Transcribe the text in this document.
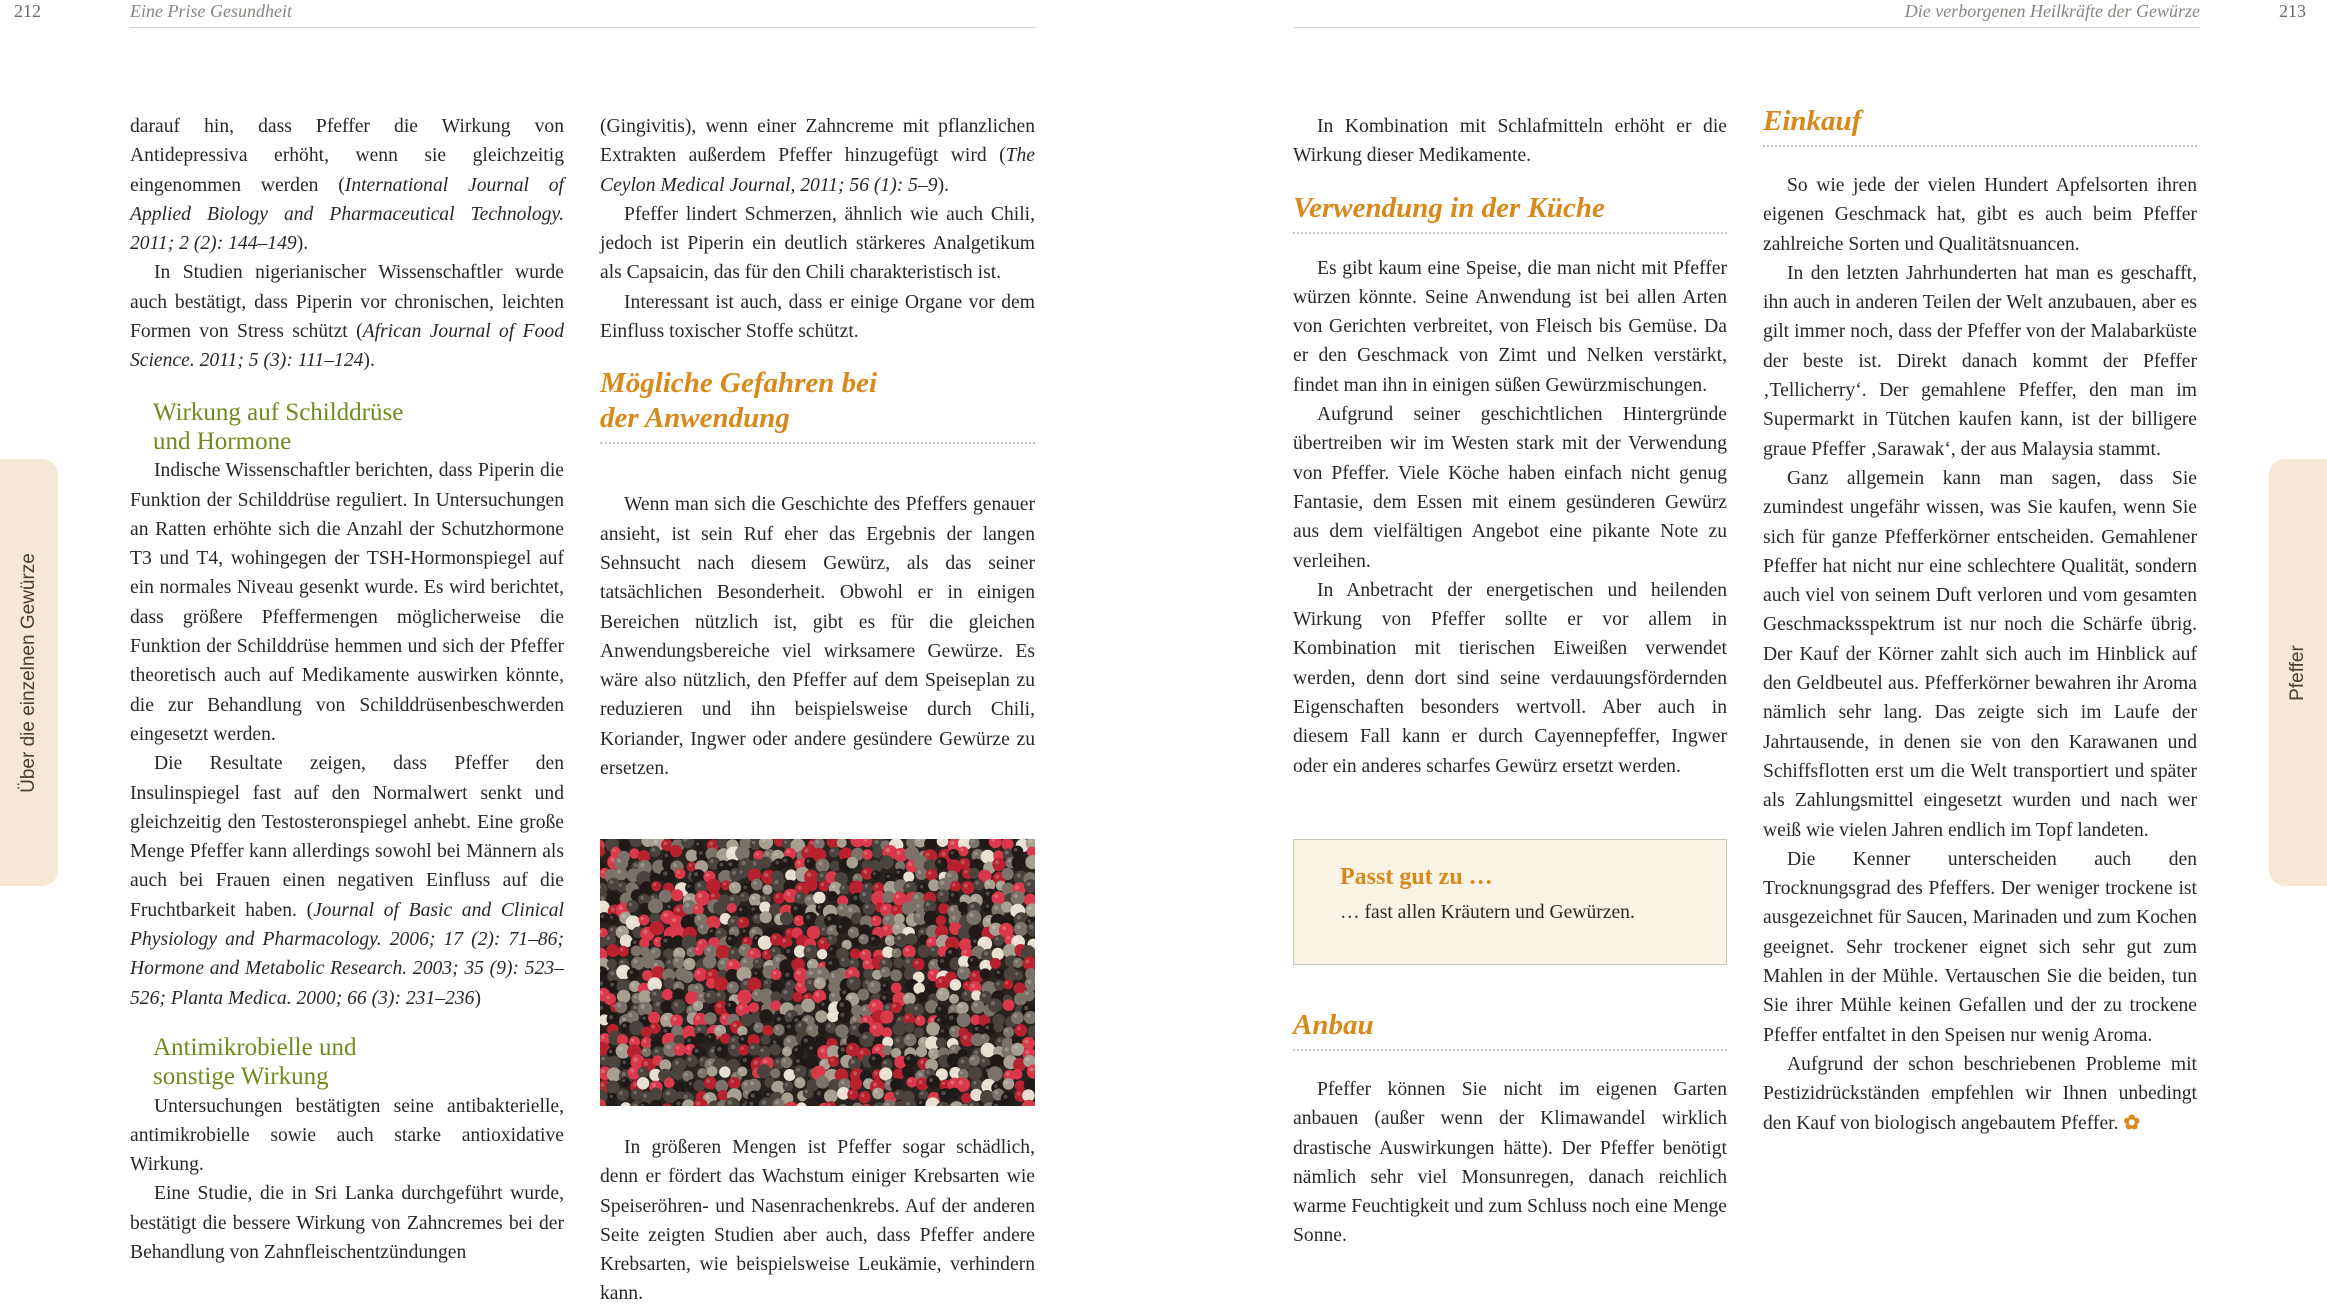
212	Eine Prise Gesundheit
Über die einzelnen Gewürze

darauf hin, dass Pfeffer die Wirkung von Antidepressiva erhöht, wenn sie gleichzeitig eingenommen werden (International Journal of Applied Biology and Pharmaceutical Technology. 2011; 2 (2): 144–149).

In Studien nigerianischer Wissenschaftler wurde auch bestätigt, dass Piperin vor chronischen, leichten Formen von Stress schützt (African Journal of Food Science. 2011; 5 (3): 111–124).

Wirkung auf Schilddrüse
und Hormone

Indische Wissenschaftler berichten, dass Piperin die Funktion der Schilddrüse reguliert. In Untersuchungen an Ratten erhöhte sich die Anzahl der Schutzhormone T3 und T4, wohingegen der TSH-Hormonspiegel auf ein normales Niveau gesenkt wurde. Es wird berichtet, dass größere Pfeffermengen möglicherweise die Funktion der Schilddrüse hemmen und sich der Pfeffer theoretisch auch auf Medikamente auswirken könnte, die zur Behandlung von Schilddrüsenbeschwerden eingesetzt werden.

Die Resultate zeigen, dass Pfeffer den Insulinspiegel fast auf den Normalwert senkt und gleichzeitig den Testosteronspiegel anhebt. Eine große Menge Pfeffer kann allerdings sowohl bei Männern als auch bei Frauen einen negativen Einfluss auf die Fruchtbarkeit haben. (Journal of Basic and Clinical Physiology and Pharmacology. 2006; 17 (2): 71–86; Hormone and Metabolic Research. 2003; 35 (9): 523–526; Planta Medica. 2000; 66 (3): 231–236)

Antimikrobielle und
sonstige Wirkung

Untersuchungen bestätigten seine antibakterielle, antimikrobielle sowie auch starke antioxidative Wirkung.

Eine Studie, die in Sri Lanka durchgeführt wurde, bestätigt die bessere Wirkung von Zahncremes bei der Behandlung von Zahnfleischentzündungen

(Gingivitis), wenn einer Zahncreme mit pflanzlichen Extrakten außerdem Pfeffer hinzugefügt wird (The Ceylon Medical Journal, 2011; 56 (1): 5–9).

Pfeffer lindert Schmerzen, ähnlich wie auch Chili, jedoch ist Piperin ein deutlich stärkeres Analgetikum als Capsaicin, das für den Chili charakteristisch ist.

Interessant ist auch, dass er einige Organe vor dem Einfluss toxischer Stoffe schützt.

Mögliche Gefahren bei
der Anwendung

Wenn man sich die Geschichte des Pfeffers genauer ansieht, ist sein Ruf eher das Ergebnis der langen Sehnsucht nach diesem Gewürz, als das seiner tatsächlichen Besonderheit. Obwohl er in einigen Bereichen nützlich ist, gibt es für die gleichen Anwendungsbereiche viel wirksamere Gewürze. Es wäre also nützlich, den Pfeffer auf dem Speiseplan zu reduzieren und ihn beispielsweise durch Chili, Koriander, Ingwer oder andere gesündere Gewürze zu ersetzen.

In größeren Mengen ist Pfeffer sogar schädlich, denn er fördert das Wachstum einiger Krebsarten wie Speiseröhren- und Nasenrachenkrebs. Auf der anderen Seite zeigten Studien aber auch, dass Pfeffer andere Krebsarten, wie beispielsweise Leukämie, verhindern kann.

Die verborgenen Heilkräfte der Gewürze	213
Pfeffer

In Kombination mit Schlafmitteln erhöht er die Wirkung dieser Medikamente.

Verwendung in der Küche

Es gibt kaum eine Speise, die man nicht mit Pfeffer würzen könnte. Seine Anwendung ist bei allen Arten von Gerichten verbreitet, von Fleisch bis Gemüse. Da er den Geschmack von Zimt und Nelken verstärkt, findet man ihn in einigen süßen Gewürzmischungen.

Aufgrund seiner geschichtlichen Hintergründe übertreiben wir im Westen stark mit der Verwendung von Pfeffer. Viele Köche haben einfach nicht genug Fantasie, dem Essen mit einem gesünderen Gewürz aus dem vielfältigen Angebot eine pikante Note zu verleihen.

In Anbetracht der energetischen und heilenden Wirkung von Pfeffer sollte er vor allem in Kombination mit tierischen Eiweißen verwendet werden, denn dort sind seine verdauungsfördernden Eigenschaften besonders wertvoll. Aber auch in diesem Fall kann er durch Cayennepfeffer, Ingwer oder ein anderes scharfes Gewürz ersetzt werden.

Passt gut zu …
… fast allen Kräutern und Gewürzen.
Anbau

Pfeffer können Sie nicht im eigenen Garten anbauen (außer wenn der Klimawandel wirklich drastische Auswirkungen hätte). Der Pfeffer benötigt nämlich sehr viel Monsunregen, danach reichlich warme Feuchtigkeit und zum Schluss noch eine Menge Sonne.

Einkauf

So wie jede der vielen Hundert Apfelsorten ihren eigenen Geschmack hat, gibt es auch beim Pfeffer zahlreiche Sorten und Qualitätsnuancen.

In den letzten Jahrhunderten hat man es geschafft, ihn auch in anderen Teilen der Welt anzubauen, aber es gilt immer noch, dass der Pfeffer von der Malabarküste der beste ist. Direkt danach kommt der Pfeffer ‚Tellicherry‘. Der gemahlene Pfeffer, den man im Supermarkt in Tütchen kaufen kann, ist der billigere graue Pfeffer ‚Sarawak‘, der aus Malaysia stammt.

Ganz allgemein kann man sagen, dass Sie zumindest ungefähr wissen, was Sie kaufen, wenn Sie sich für ganze Pfefferkörner entscheiden. Gemahlener Pfeffer hat nicht nur eine schlechtere Qualität, sondern auch viel von seinem Duft verloren und vom gesamten Geschmacksspektrum ist nur noch die Schärfe übrig. Der Kauf der Körner zahlt sich auch im Hinblick auf den Geldbeutel aus. Pfefferkörner bewahren ihr Aroma nämlich sehr lang. Das zeigte sich im Laufe der Jahrtausende, in denen sie von den Karawanen und Schiffsflotten erst um die Welt transportiert und später als Zahlungsmittel eingesetzt wurden und nach wer weiß wie vielen Jahren endlich im Topf landeten.

Die Kenner unterscheiden auch den Trocknungsgrad des Pfeffers. Der weniger trockene ist ausgezeichnet für Saucen, Marinaden und zum Kochen geeignet. Sehr trockener eignet sich sehr gut zum Mahlen in der Mühle. Vertauschen Sie die beiden, tun Sie ihrer Mühle keinen Gefallen und der zu trockene Pfeffer entfaltet in den Speisen nur wenig Aroma.

Aufgrund der schon beschriebenen Probleme mit Pestizidrückständen empfehlen wir Ihnen unbedingt den Kauf von biologisch angebautem Pfeffer. ✿
